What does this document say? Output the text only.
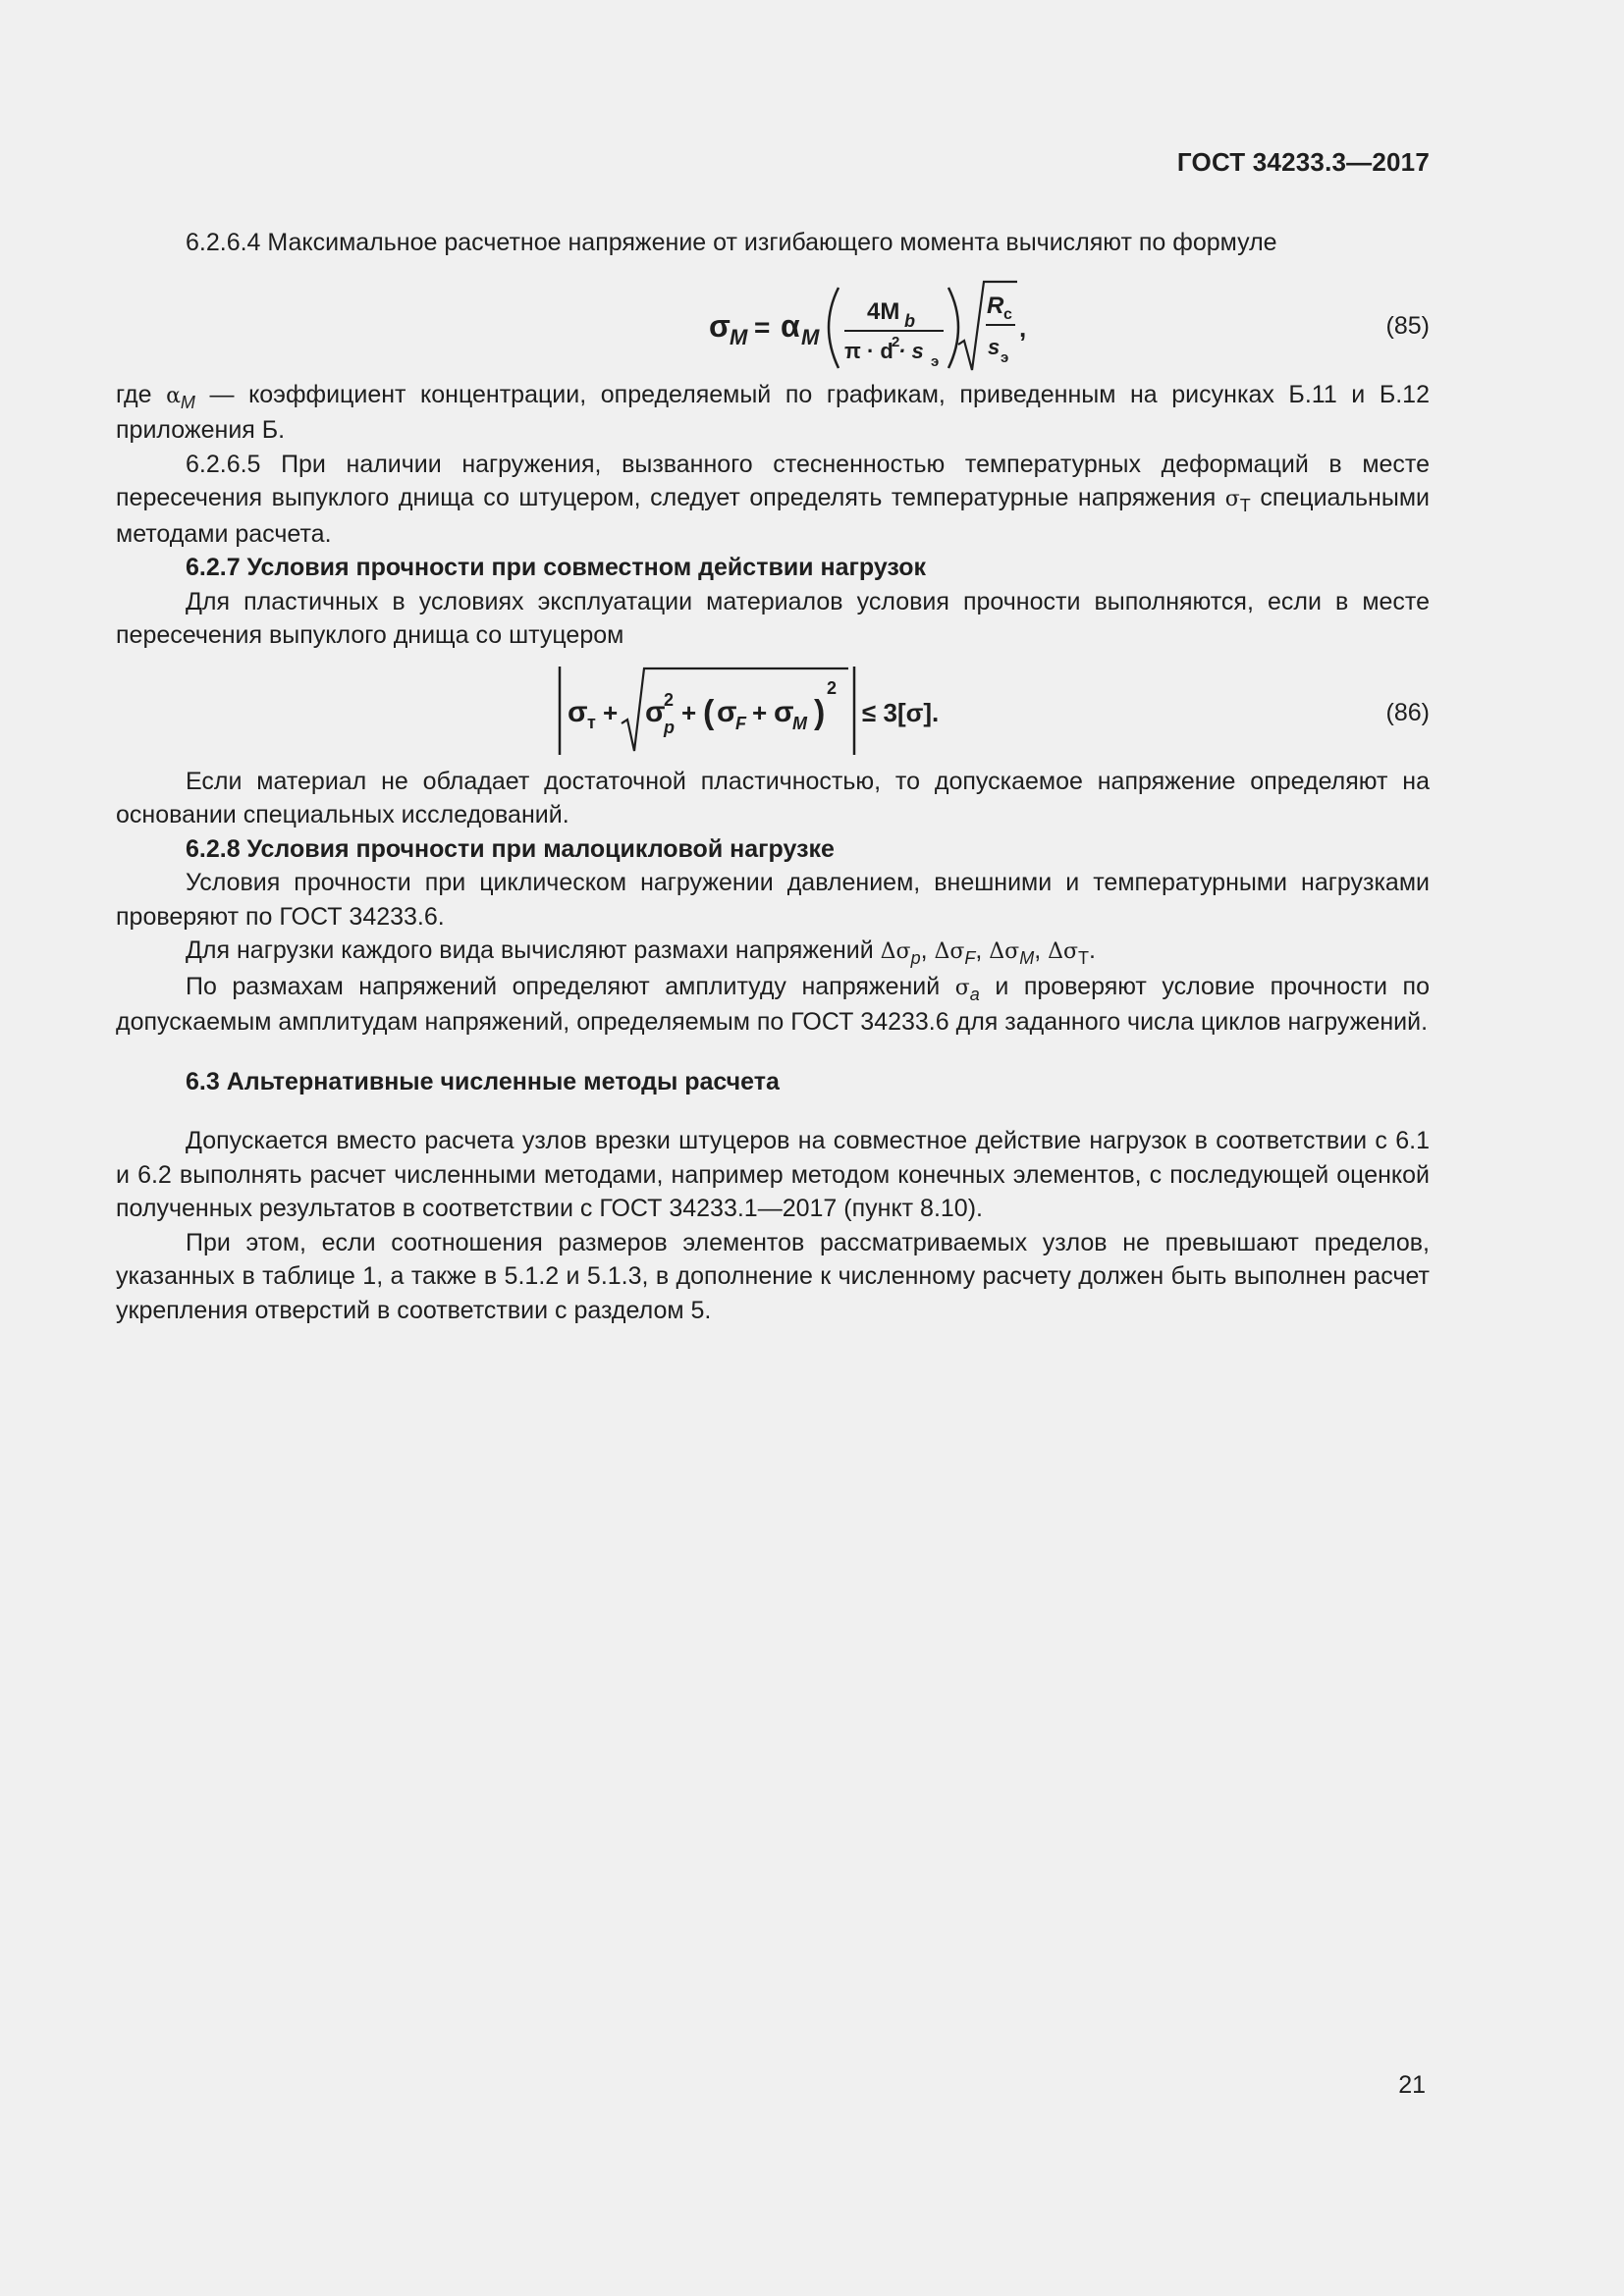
ГОСТ 34233.3—2017

6.2.6.4 Максимальное расчетное напряжение от изгибающего момента вычисляют по формуле

σ M = α M
4M b
π · d
2
· s э
R c
s э
,	(85)

где $\alpha_M$ — коэффициент концентрации, определяемый по графикам, приведенным на рисунках Б.11 и Б.12 приложения Б.

6.2.6.5 При наличии нагружения, вызванного стесненностью температурных деформаций в месте пересечения выпуклого днища со штуцером, следует определять температурные напряжения $\sigma_T$ специальными методами расчета.

6.2.7 Условия прочности при совместном действии нагрузок

Для пластичных в условиях эксплуатации материалов условия прочности выполняются, если в месте пересечения выпуклого днища со штуцером

σ т + σ
2
p + ( σ
F + σ
M )
2
≤ 3[σ].	(86)

Если материал не обладает достаточной пластичностью, то допускаемое напряжение определяют на основании специальных исследований.

6.2.8 Условия прочности при малоцикловой нагрузке

Условия прочности при циклическом нагружении давлением, внешними и температурными нагрузками проверяют по ГОСТ 34233.6.

Для нагрузки каждого вида вычисляют размахи напряжений $\Delta\sigma_p$, $\Delta\sigma_F$, $\Delta\sigma_M$, $\Delta\sigma_T$.

По размахам напряжений определяют амплитуду напряжений $\sigma_a$ и проверяют условие прочности по допускаемым амплитудам напряжений, определяемым по ГОСТ 34233.6 для заданного числа циклов нагружений.

6.3 Альтернативные численные методы расчета

Допускается вместо расчета узлов врезки штуцеров на совместное действие нагрузок в соответствии с 6.1 и 6.2 выполнять расчет численными методами, например методом конечных элементов, с последующей оценкой полученных результатов в соответствии с ГОСТ 34233.1—2017 (пункт 8.10).

При этом, если соотношения размеров элементов рассматриваемых узлов не превышают пределов, указанных в таблице 1, а также в 5.1.2 и 5.1.3, в дополнение к численному расчету должен быть выполнен расчет укрепления отверстий в соответствии с разделом 5.

21
